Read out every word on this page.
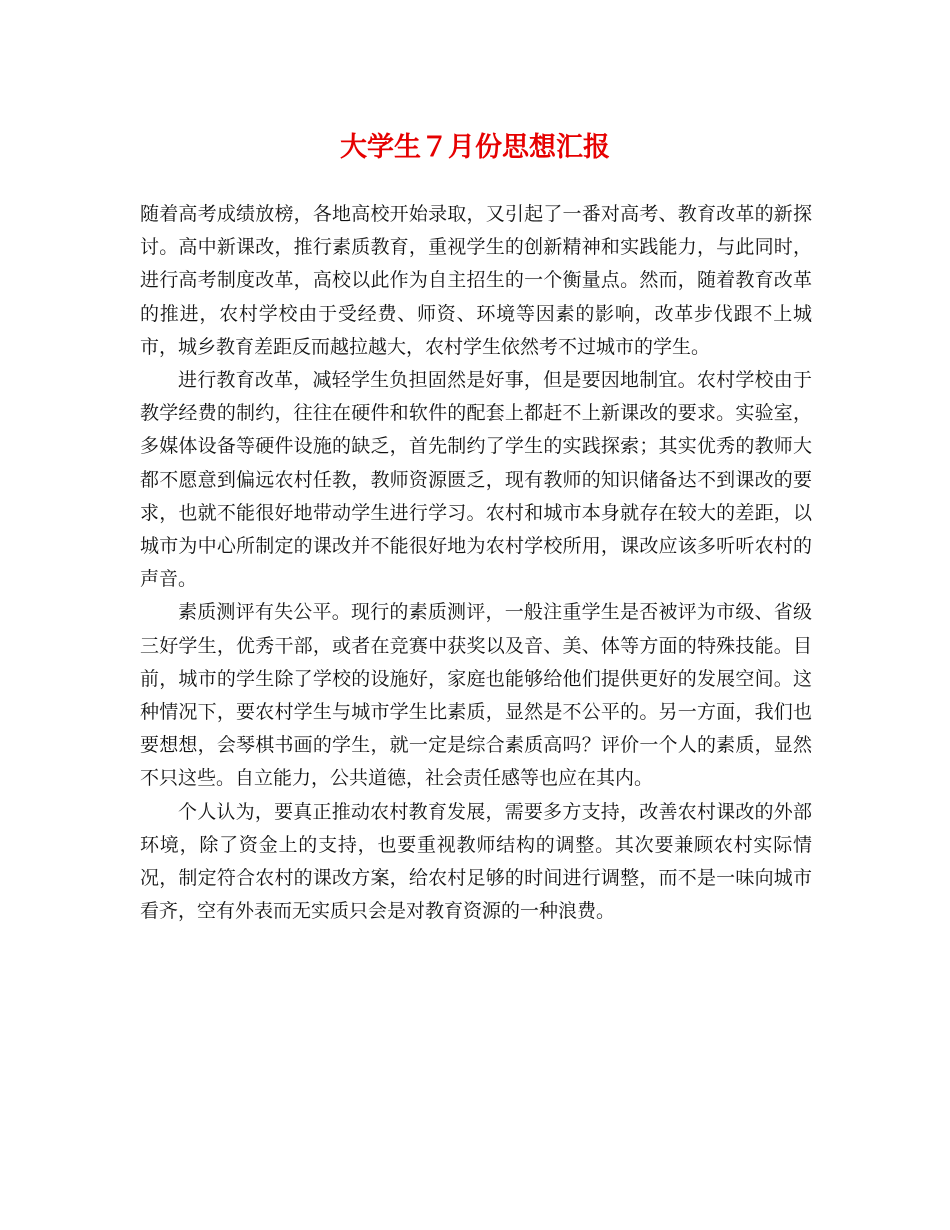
大学生７月份思想汇报

随着高考成绩放榜，各地高校开始录取，又引起了一番对高考、教育改革的新探讨。高中新课改，推行素质教育，重视学生的创新精神和实践能力，与此同时，进行高考制度改革，高校以此作为自主招生的一个衡量点。然而，随着教育改革的推进，农村学校由于受经费、师资、环境等因素的影响，改革步伐跟不上城市，城乡教育差距反而越拉越大，农村学生依然考不过城市的学生。

进行教育改革，减轻学生负担固然是好事，但是要因地制宜。农村学校由于教学经费的制约，往往在硬件和软件的配套上都赶不上新课改的要求。实验室，多媒体设备等硬件设施的缺乏，首先制约了学生的实践探索；其实优秀的教师大都不愿意到偏远农村任教，教师资源匮乏，现有教师的知识储备达不到课改的要求，也就不能很好地带动学生进行学习。农村和城市本身就存在较大的差距，以城市为中心所制定的课改并不能很好地为农村学校所用，课改应该多听听农村的声音。

素质测评有失公平。现行的素质测评，一般注重学生是否被评为市级、省级三好学生，优秀干部，或者在竞赛中获奖以及音、美、体等方面的特殊技能。目前，城市的学生除了学校的设施好，家庭也能够给他们提供更好的发展空间。这种情况下，要农村学生与城市学生比素质，显然是不公平的。另一方面，我们也要想想，会琴棋书画的学生，就一定是综合素质高吗？评价一个人的素质，显然不只这些。自立能力，公共道德，社会责任感等也应在其内。

个人认为，要真正推动农村教育发展，需要多方支持，改善农村课改的外部环境，除了资金上的支持，也要重视教师结构的调整。其次要兼顾农村实际情况，制定符合农村的课改方案，给农村足够的时间进行调整，而不是一味向城市看齐，空有外表而无实质只会是对教育资源的一种浪费。
